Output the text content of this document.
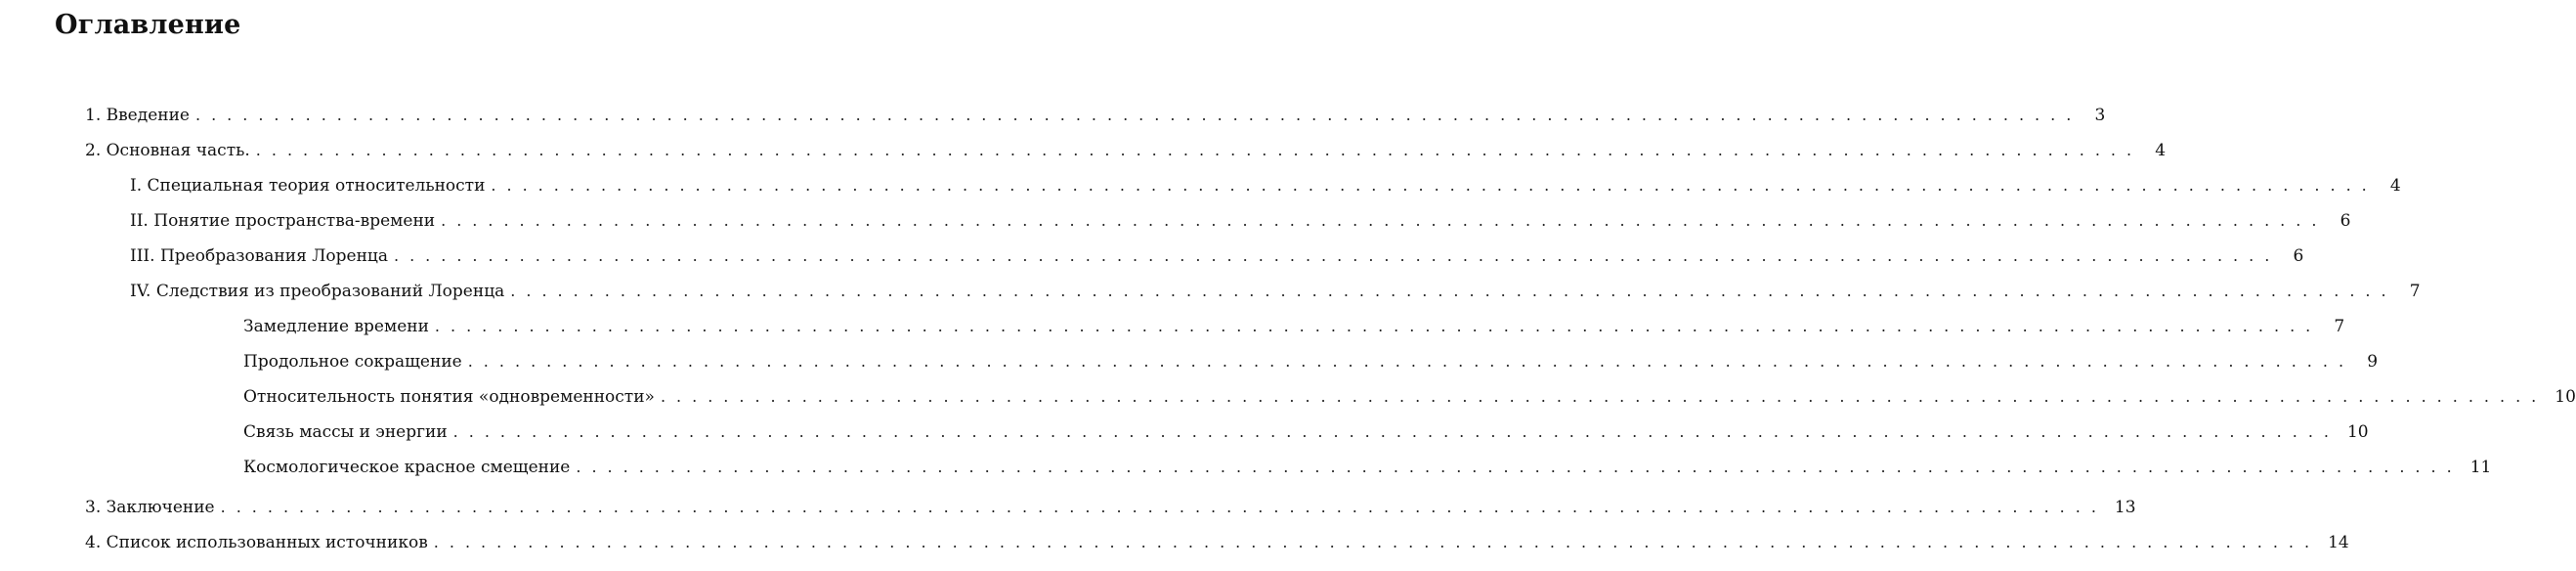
Оглавление
1. Введение ........................................................................................................................ 3
2. Основная часть. ........................................................................................................................ 4
I. Специальная теория относительности ........................................................................................................................ 4
II. Понятие пространства-времени ........................................................................................................................ 6
III. Преобразования Лоренца ........................................................................................................................ 6
IV. Следствия из преобразований Лоренца ........................................................................................................................ 7
Замедление времени ........................................................................................................................ 7
Продольное сокращение ........................................................................................................................ 9
Относительность понятия «одновременности» ........................................................................................................................ 10
Связь массы и энергии ........................................................................................................................ 10
Космологическое красное смещение ........................................................................................................................ 11
3. Заключение ........................................................................................................................ 13
4. Список использованных источников ........................................................................................................................ 14
